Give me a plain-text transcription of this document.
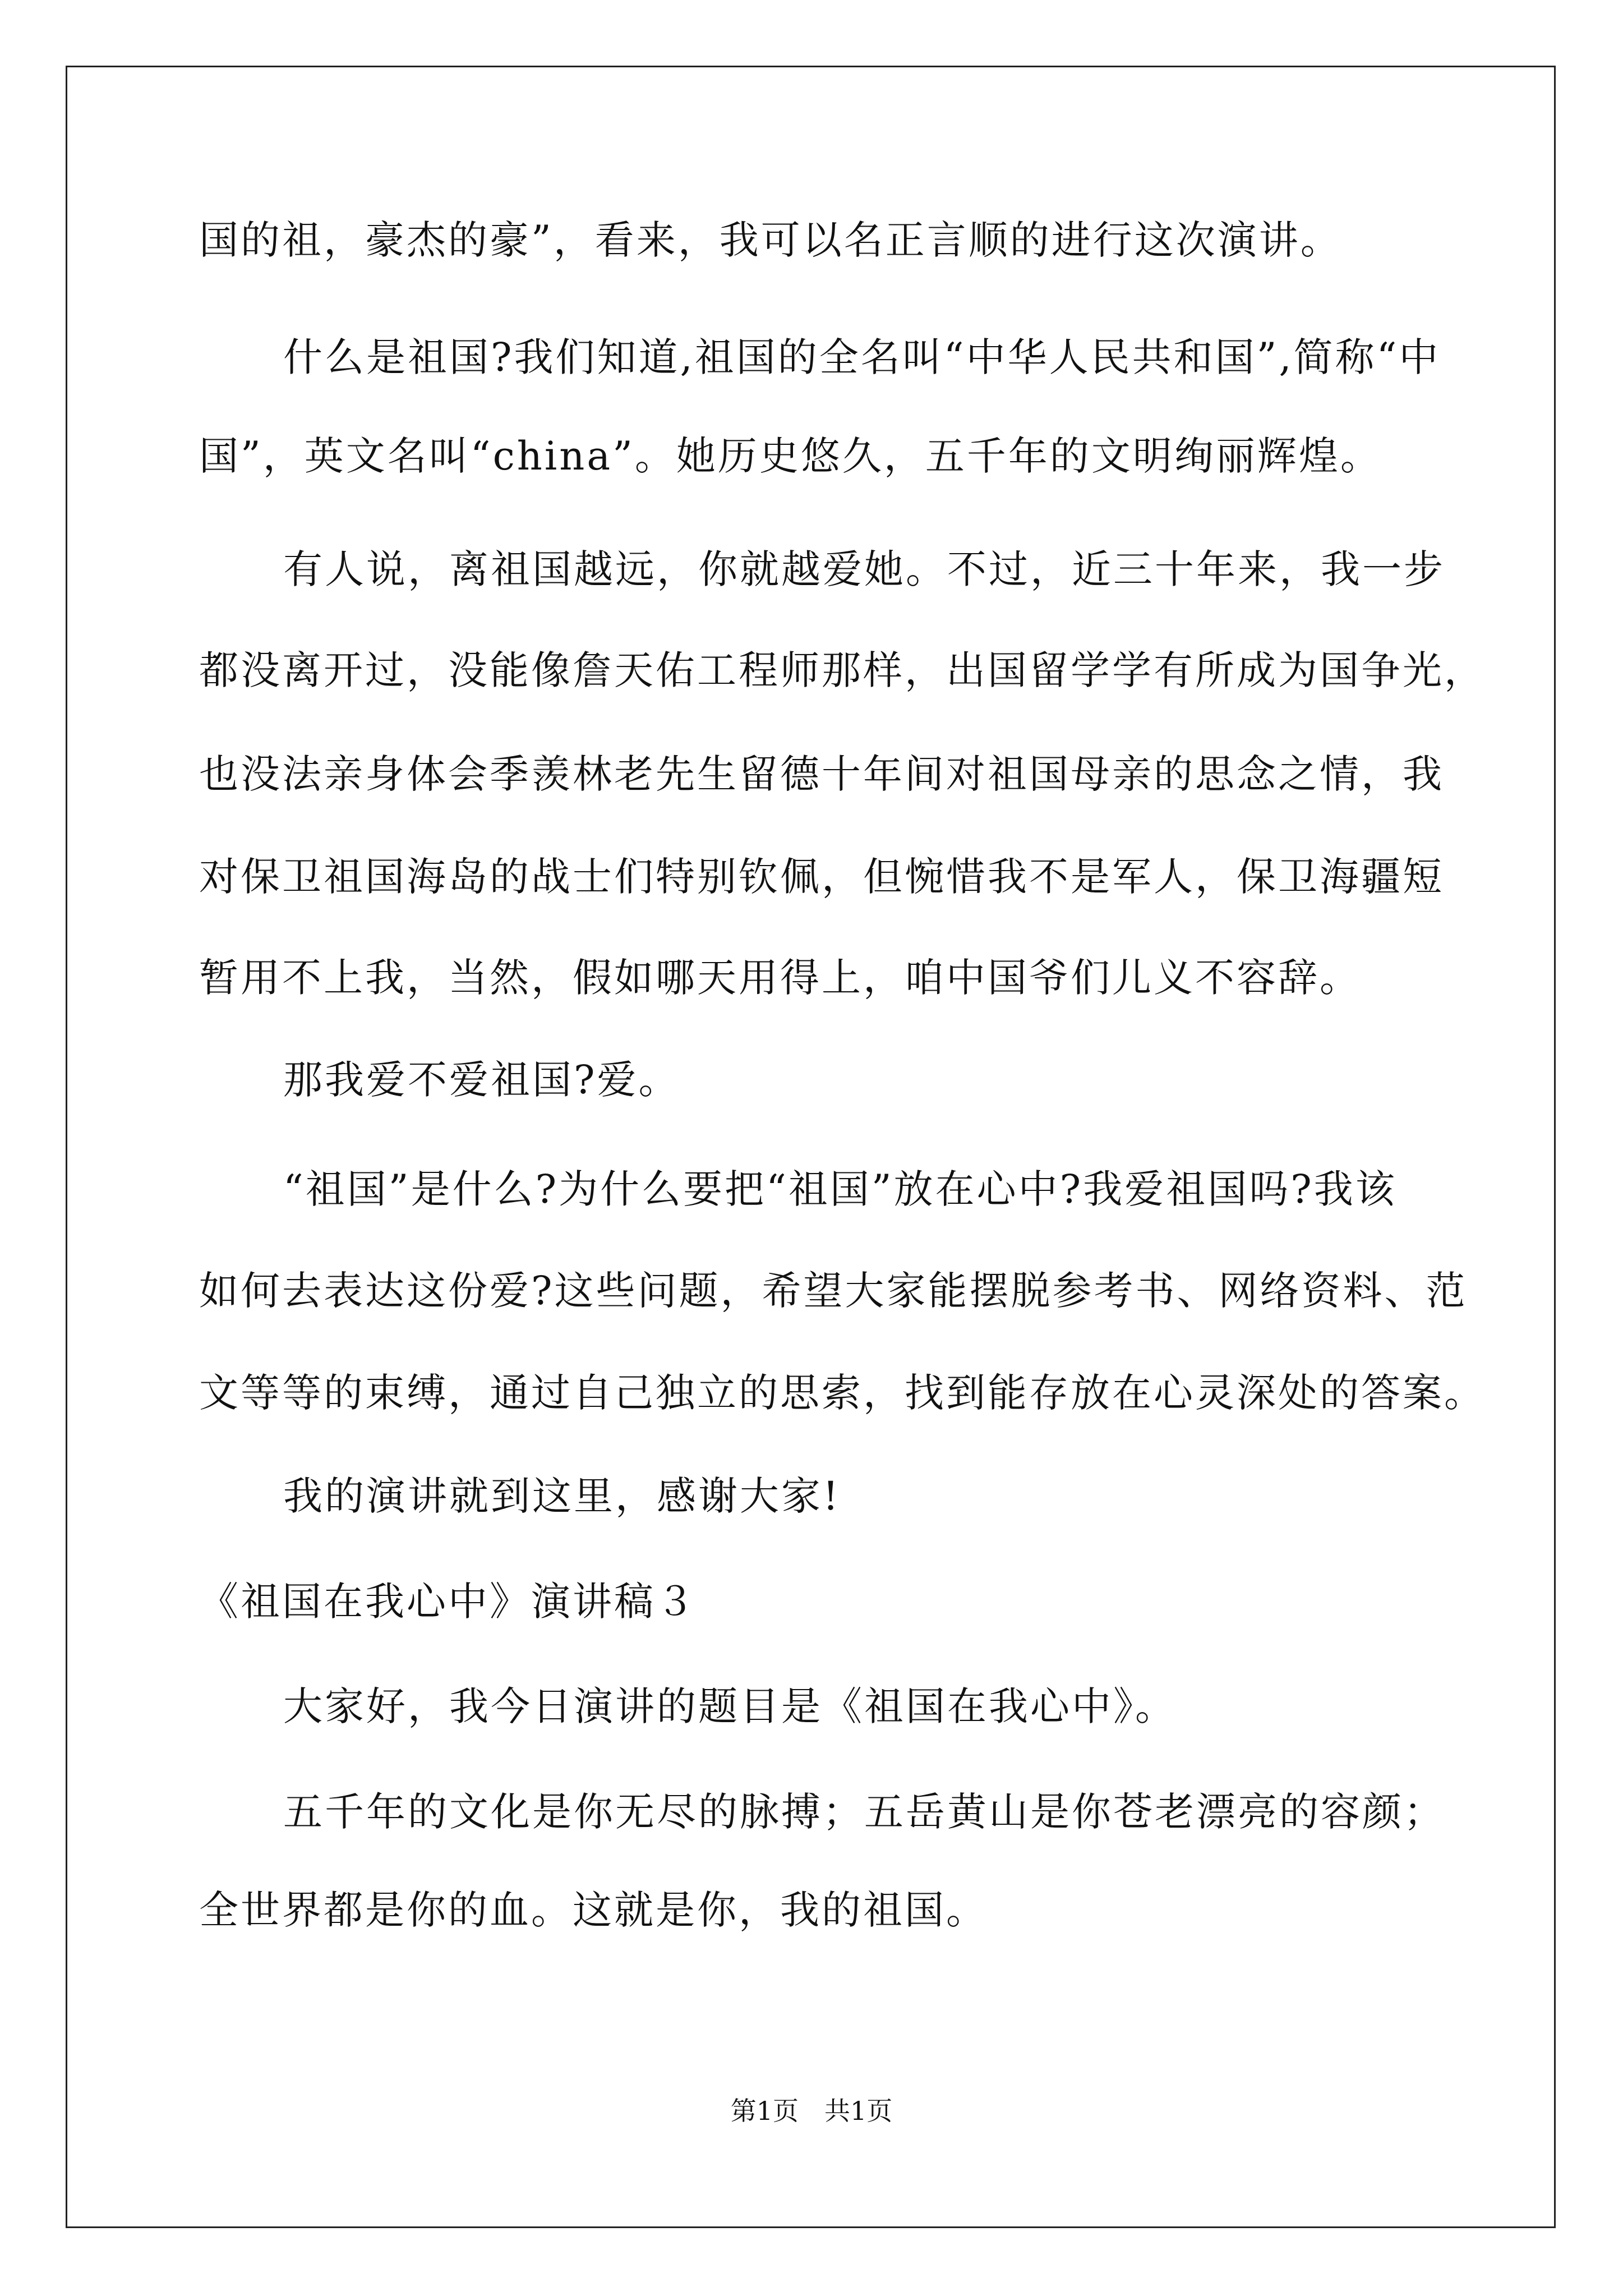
国的祖，豪杰的豪”，看来，我可以名正言顺的进行这次演讲。
什么是祖国?我们知道,祖国的全名叫“中华人民共和国”,简称“中
国”，英文名叫“china”。她历史悠久，五千年的文明绚丽辉煌。
有人说，离祖国越远，你就越爱她。不过，近三十年来，我一步
都没离开过，没能像詹天佑工程师那样，出国留学学有所成为国争光，
也没法亲身体会季羡林老先生留德十年间对祖国母亲的思念之情，我
对保卫祖国海岛的战士们特别钦佩，但惋惜我不是军人，保卫海疆短
暂用不上我，当然，假如哪天用得上，咱中国爷们儿义不容辞。
那我爱不爱祖国?爱。
“祖国”是什么?为什么要把“祖国”放在心中?我爱祖国吗?我该
如何去表达这份爱?这些问题，希望大家能摆脱参考书、网络资料、范
文等等的束缚，通过自己独立的思索，找到能存放在心灵深处的答案。
我的演讲就到这里，感谢大家!
《祖国在我心中》演讲稿３
大家好，我今日演讲的题目是《祖国在我心中》。
五千年的文化是你无尽的脉搏；五岳黄山是你苍老漂亮的容颜；
全世界都是你的血。这就是你，我的祖国。
第1页　共1页
